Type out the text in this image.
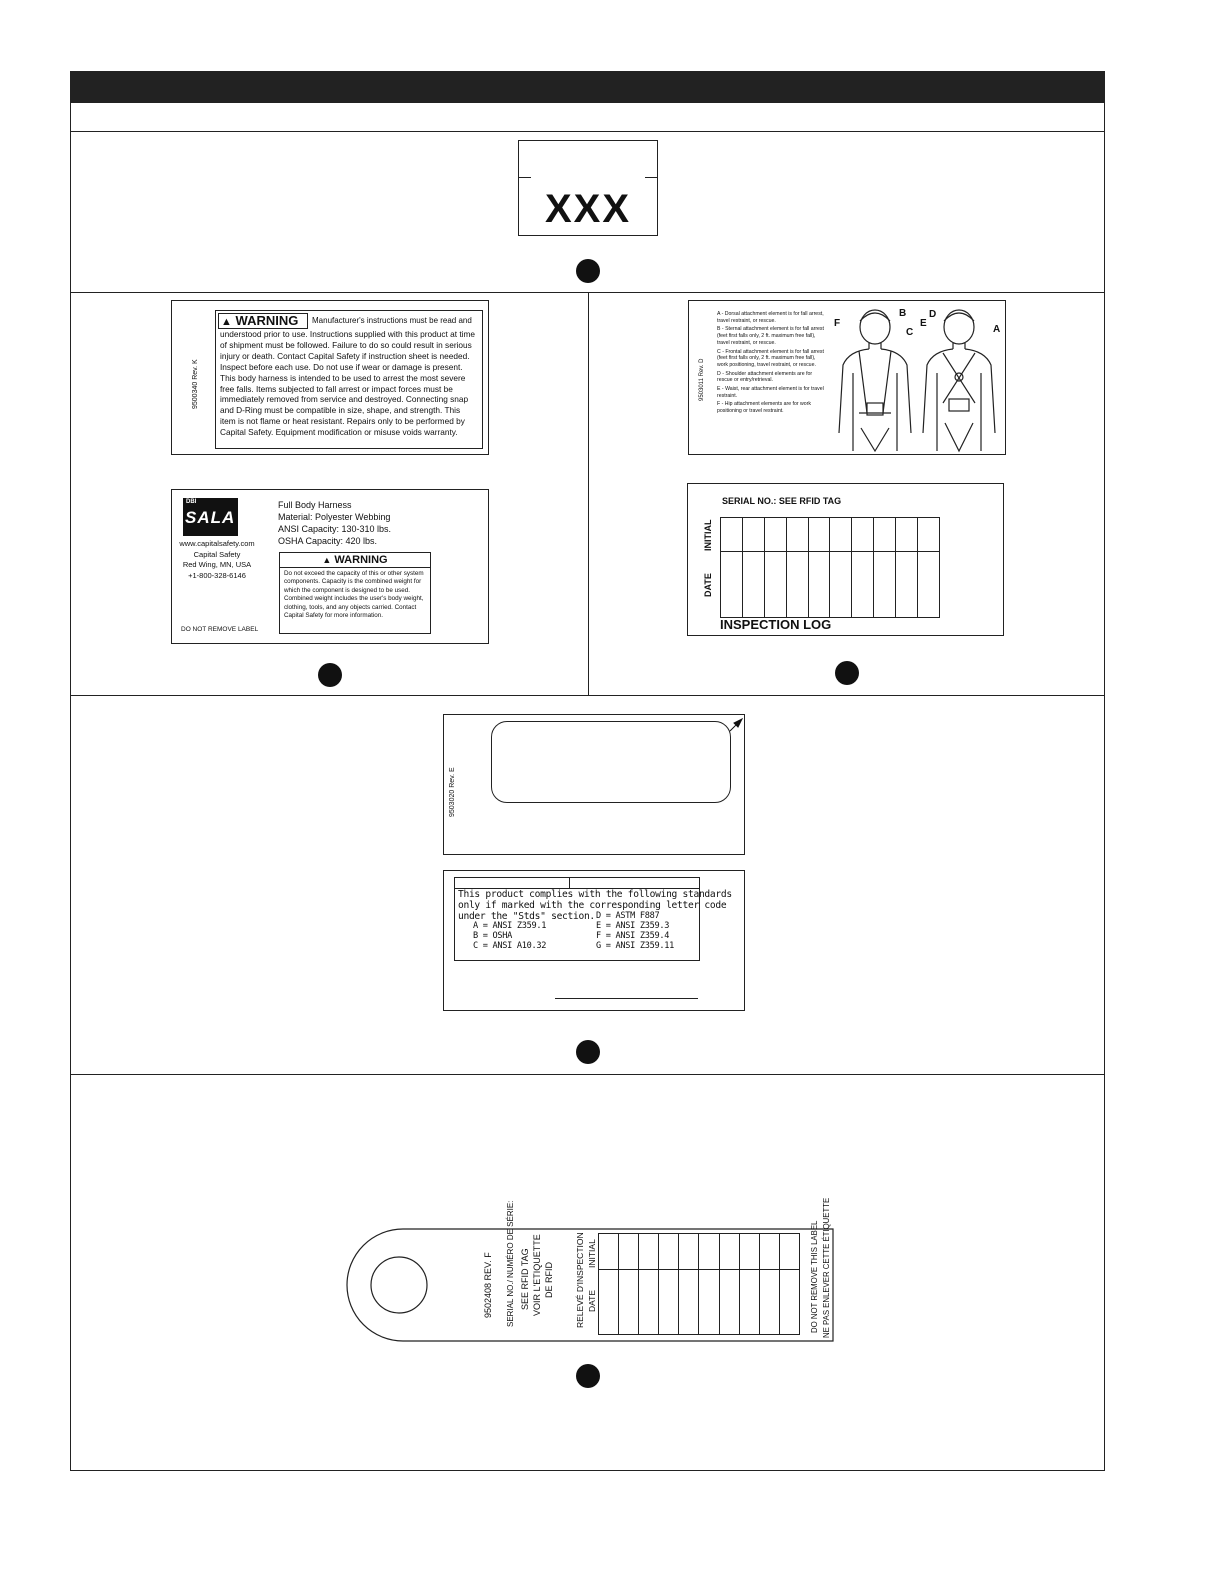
XXX
9500340 Rev. K
▲ WARNING	Manufacturer's instructions must be read and
understood prior to use. Instructions supplied with this product at time of shipment must be followed. Failure to do so could result in serious injury or death. Contact Capital Safety if instruction sheet is needed. Inspect before each use. Do not use if wear or damage is present. This body harness is intended to be used to arrest the most severe free falls. Items subjected to fall arrest or impact forces must be immediately removed from service and destroyed. Connecting snap and D-Ring must be compatible in size, shape, and strength. This item is not flame or heat resistant. Repairs only to be performed by Capital Safety. Equipment modification or misuse voids warranty.
DBI
SALA
www.capitalsafety.com
Capital Safety
Red Wing, MN, USA
+1-800-328-6146
DO NOT REMOVE LABEL
Full Body Harness
Material: Polyester Webbing
ANSI Capacity: 130-310 lbs.
OSHA Capacity: 420 lbs.
▲ WARNING
Do not exceed the capacity of this or other system components. Capacity is the combined weight for which the component is designed to be used. Combined weight includes the user's body weight, clothing, tools, and any objects carried. Contact Capital Safety for more information.
9503011 Rev. D
A - Dorsal attachment element is for fall arrest, travel restraint, or rescue.
B - Sternal attachment element is for fall arrest (feet first falls only, 2 ft. maximum free fall), travel restraint, or rescue.
C - Frontal attachment element is for fall arrest (feet first falls only, 2 ft. maximum free fall), work positioning, travel restraint, or rescue.
D - Shoulder attachment elements are for rescue or entry/retrieval.
E - Waist, rear attachment element is for travel restraint.
F - Hip attachment elements are for work positioning or travel restraint.
F
B
C
D
E
A
SERIAL NO.: SEE RFID TAG
INITIAL
DATE

INSPECTION LOG
9503020 Rev. E
This product complies with the following standards
only if marked with the corresponding letter code
under the "Stds" section.
A = ANSI Z359.1
B = OSHA
C = ANSI A10.32
D = ASTM F887
E = ANSI Z359.3
F = ANSI Z359.4
G = ANSI Z359.11
9502408 REV. F SERIAL NO./ NUMÉRO DE SÉRIE: SEE RFID TAG VOIR L'ETIQUETTE DE RFID RELEVÉ D'INSPECTION INITIAL
DATE

										DO NOT REMOVE THIS LABEL NE PAS ENLEVER CETTE ÉTIQUETTE
